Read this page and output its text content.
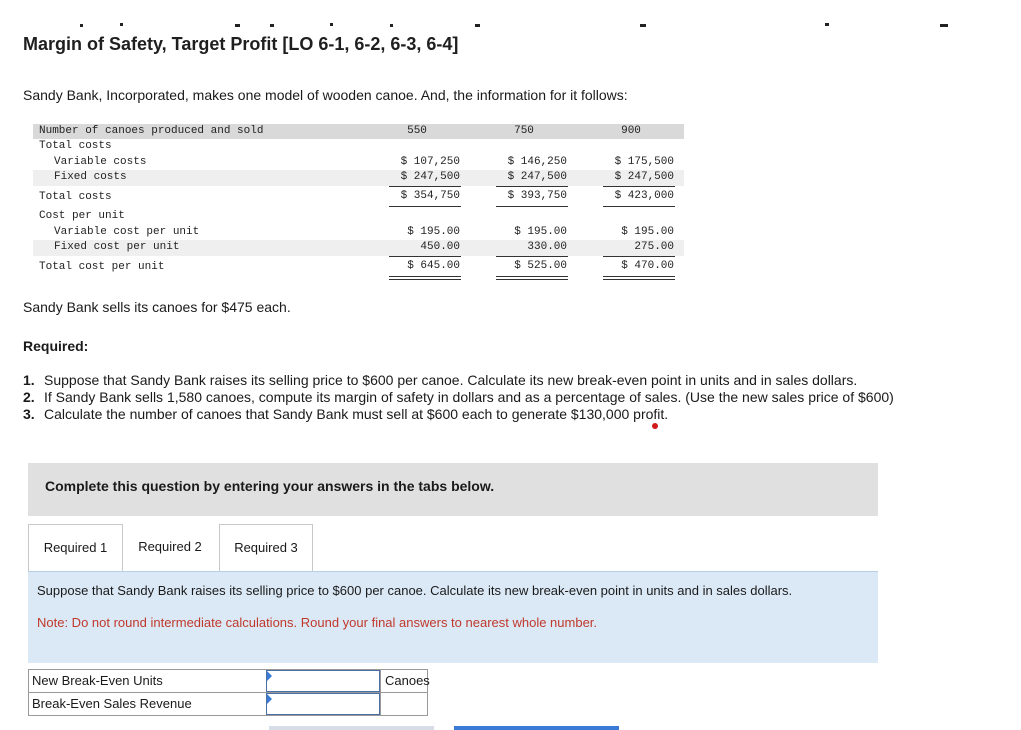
Margin of Safety, Target Profit [LO 6-1, 6-2, 6-3, 6-4]
Sandy Bank, Incorporated, makes one model of wooden canoe. And, the information for it follows:
Number of canoes produced and sold	550	750	900
Total costs
Variable costs	$ 107,250	$ 146,250	$ 175,500
Fixed costs	$ 247,500	$ 247,500	$ 247,500
Total costs	$ 354,750	$ 393,750	$ 423,000
Cost per unit
Variable cost per unit	$ 195.00	$ 195.00	$ 195.00
Fixed cost per unit	450.00	330.00	275.00
Total cost per unit	$ 645.00	$ 525.00	$ 470.00
Sandy Bank sells its canoes for $475 each.
Required:
1. Suppose that Sandy Bank raises its selling price to $600 per canoe. Calculate its new break-even point in units and in sales dollars.
2. If Sandy Bank sells 1,580 canoes, compute its margin of safety in dollars and as a percentage of sales. (Use the new sales price of $600)
3. Calculate the number of canoes that Sandy Bank must sell at $600 each to generate $130,000 profit.
Complete this question by entering your answers in the tabs below.
Required 1	Required 2	Required 3
Suppose that Sandy Bank raises its selling price to $600 per canoe. Calculate its new break-even point in units and in sales dollars.
Note: Do not round intermediate calculations. Round your final answers to nearest whole number.
New Break-Even Units	Canoes
Break-Even Sales Revenue
